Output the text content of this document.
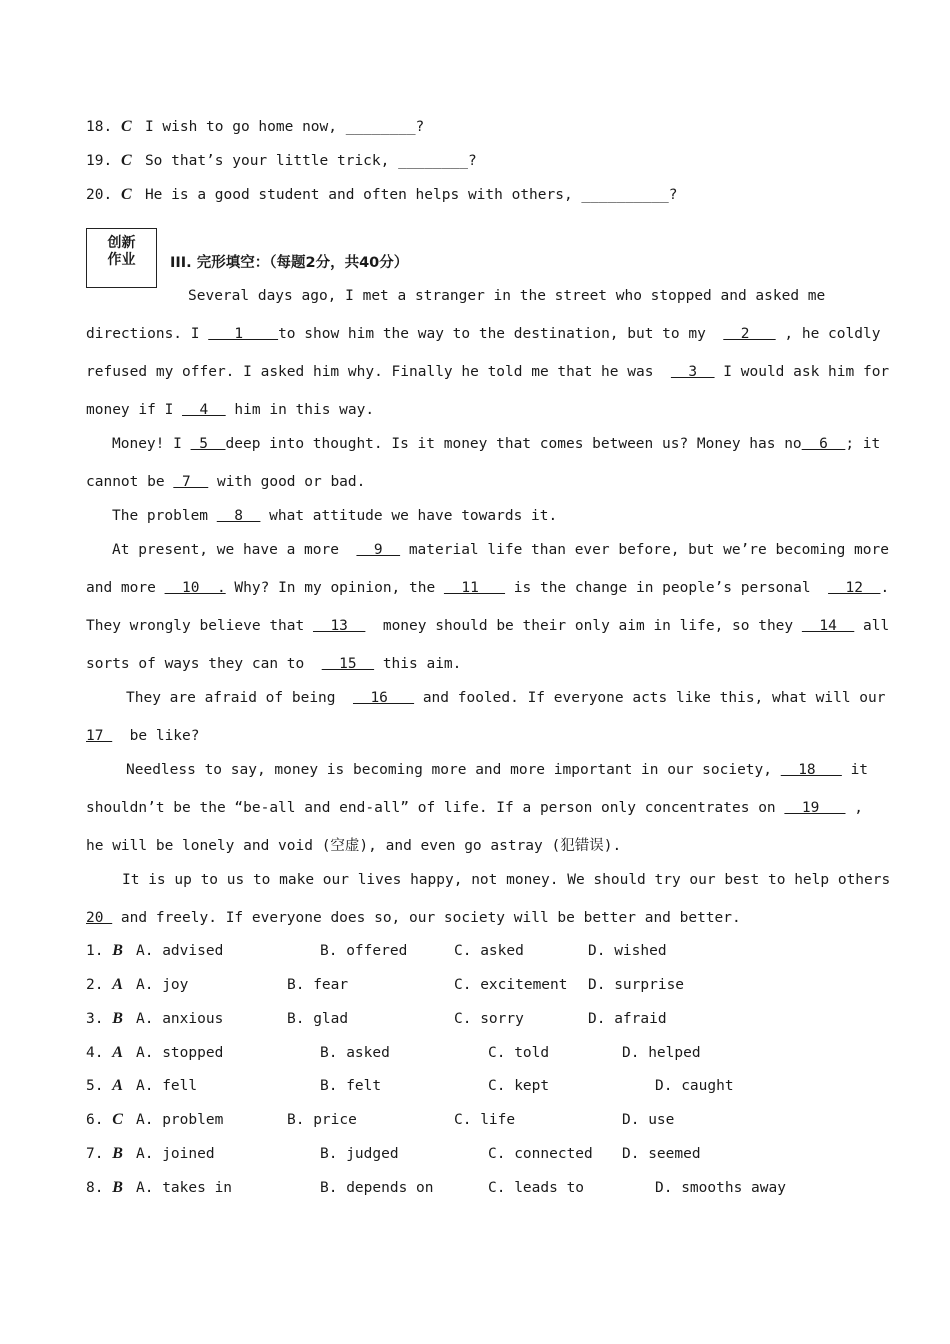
18. C I wish to go home now, ________?
19. C So that’s your little trick, ________?
20. C He is a good student and often helps with others, __________?
创新
作业	III. 完形填空：（每题2分，共40分）
Several days ago, I met a stranger in the street who stopped and asked me
directions. I    1    to show him the way to the destination, but to my    2    , he coldly
refused my offer. I asked him why. Finally he told me that he was    3   I would ask him for
money if I   4   him in this way.
Money! I  5  deep into thought. Is it money that comes between us? Money has no  6  ; it
cannot be  7   with good or bad.
The problem   8   what attitude we have towards it.
At present, we have a more    9   material life than ever before, but we’re becoming more
and more   10  . Why? In my opinion, the   11    is the change in people’s personal    12  .
They wrongly believe that   13    money should be their only aim in life, so they   14   all
sorts of ways they can to    15   this aim.
They are afraid of being    16    and fooled. If everyone acts like this, what will our
17   be like?
Needless to say, money is becoming more and more important in our society,   18    it
shouldn’t be the “be-all and end-all” of life. If a person only concentrates on   19    ,
he will be lonely and void (空虚), and even go astray (犯错误).
It is up to us to make our lives happy, not money. We should try our best to help others
20  and freely. If everyone does so, our society will be better and better.
1. B A. advised	B. offered	C. asked	D. wished
2. A A. joy	B. fear	C. excitement D. surprise
3. B A. anxious	B. glad	C. sorry	D. afraid
4. A A. stopped	B. asked	C. told	D. helped
5. A A. fell	B. felt	C. kept	D. caught
6. C A. problem	B. price	C. life	D. use
7. B A. joined	B. judged	C. connected D. seemed
8. B A. takes in	B. depends on	C. leads to	D. smooths away
